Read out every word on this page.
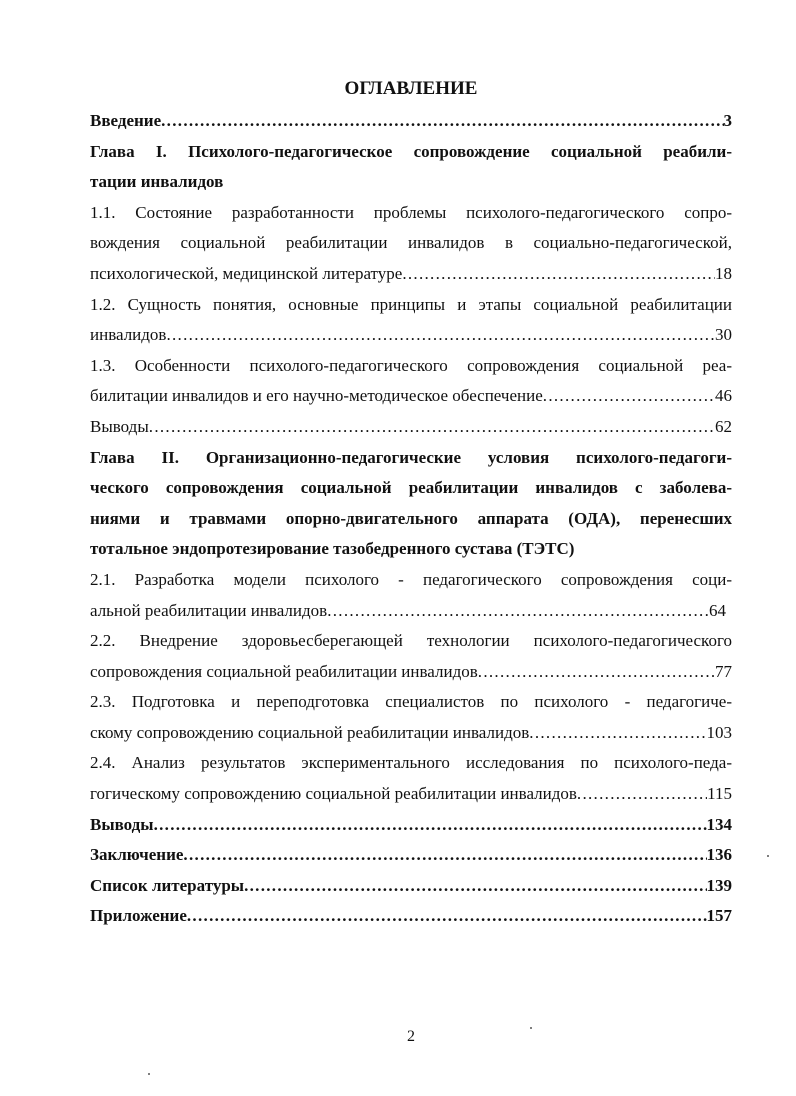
ОГЛАВЛЕНИЕ
Введение .....	3
Глава I. Психолого-педагогическое сопровождение социальной реабили-
тации инвалидов
1.1. Состояние разработанности проблемы психолого-педагогического сопро-
вождения социальной реабилитации инвалидов в социально-педагогической,
психологической, медицинской литературе .....	18
1.2. Сущность понятия, основные принципы и этапы социальной реабилитации
инвалидов .....	30
1.3. Особенности психолого-педагогического сопровождения социальной реа-
билитации инвалидов и его научно-методическое обеспечение .....	46
Выводы .....	62
Глава II. Организационно-педагогические условия психолого-педагоги-
ческого сопровождения социальной реабилитации инвалидов с заболева-
ниями и травмами опорно-двигательного аппарата (ОДА), перенесших
тотальное эндопротезирование тазобедренного сустава (ТЭТС)
2.1. Разработка модели психолого - педагогического сопровождения соци-
альной реабилитации инвалидов .....	64
2.2. Внедрение здоровьесберегающей технологии психолого-педагогического
сопровождения социальной реабилитации инвалидов .....	77
2.3. Подготовка и переподготовка специалистов по психолого - педагогиче-
скому сопровождению социальной реабилитации инвалидов .....	103
2.4. Анализ результатов экспериментального исследования по психолого-педа-
гогическому сопровождению социальной реабилитации инвалидов .....	115
Выводы .....	134
Заключение .....	136
Список литературы .....	139
Приложение .....	157
2
